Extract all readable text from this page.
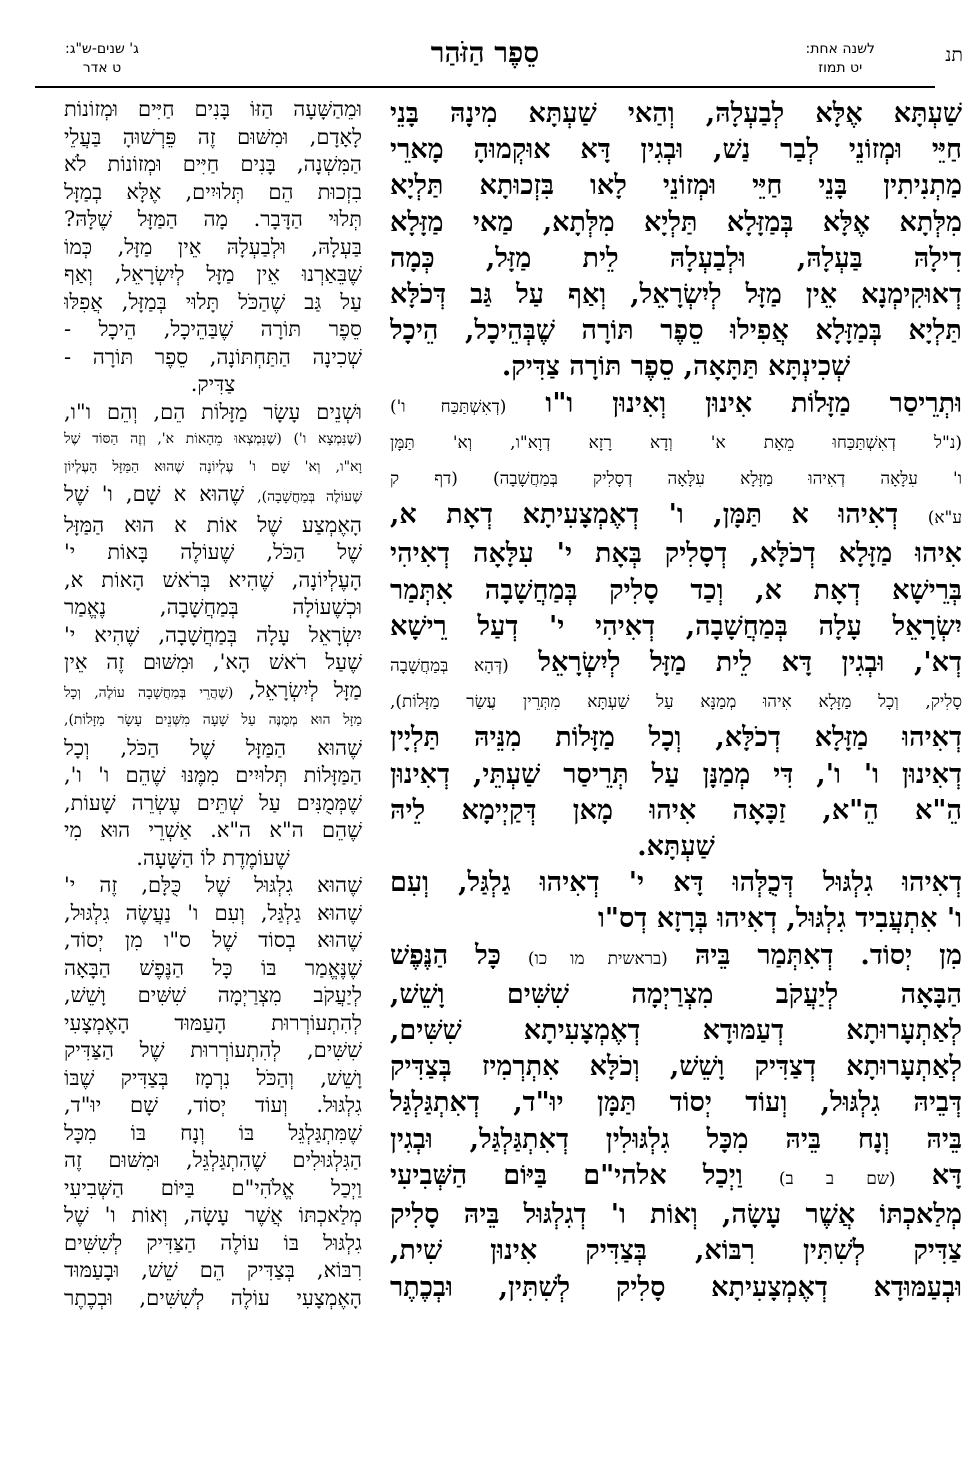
תנ
לשנה אחת:
יט תמוז
סֵפֶר הַזֹּהַר
ג' שנים-ש"ג:
ט אדר
שַׁעְתָּא אֶלָּא לְבַעְלָהּ, וְהַאי שַׁעְתָּא מִינָהּ בָּנֵי
חַיֵּי וּמְזוֹנֵי לְבַר נַשׁ, וּבְגִין דָּא אוּקְמוּהָ מָארֵי
מַתְנִיתִין בָּנֵי חַיֵּי וּמְזוֹנֵי לָאו בִּזְכוּתָא תַּלְיָא
מִלְּתָא אֶלָּא בְּמַזָּלָא תַּלְיָא מִלְּתָא, מַאי מַזָּלָא
דִילָהּ בַּעְלָהּ, וּלְבַעְלָהּ לֵית מַזָּל, כְּמָה
דְאוּקִימְנָא אֵין מַזָּל לְיִשְׂרָאֵל, וְאַף עַל גַּב דְּכֹלָּא
תַּלְיָא בְּמַזָּלָא אֲפִילוּ סֵפֶר תּוֹרָה שֶׁבְּהֵיכָל, הֵיכָל
שְׁכִינְתָּא תַּתָּאָה, סֵפֶר תּוֹרָה צַדִּיק.
וּתְרֵיסַר מַזָּלוֹת אִינוּן וְאִינוּן ו"ו (דְאִשְׁתַּכַּח ו')
(נ"ל דְאִשְׁתַּכַּחוּ מֵאָת א' וְדָא רָזָא דְוָא"ו, וְא' תַּמָּן
ו' עִלָּאָה דְאִיהוּ מַזָּלָא עִלָּאָה דְסָלִיק בְּמַחֲשָׁבָה) (דף ק
ע"א) דְאִיהוּ א תַּמָּן, ו' דְאֶמְצָעִיתָא דְאָת א,
אִיהוּ מַזָּלָא דְכֹלָּא, דְסָלִיק בְּאָת י' עִלָּאָה דְאִיהִי
בְּרֵישָׁא דְאָת א, וְכַד סָלִיק בְּמַחֲשָׁבָה אִתְּמַר
יִשְׂרָאֵל עָלָה בְּמַחֲשָׁבָה, דְאִיהִי י' דְעַל רֵישָׁא
דְא', וּבְגִין דָּא לֵית מַזָּל לְיִשְׂרָאֵל (דְּהָא בְּמַחֲשָׁבָה
סָלִיק, וְכָל מַזָּלָא אִיהוּ מְמַנָּא עַל שַׁעְתָּא מִתְּרֵין עֲשַׂר מַזָּלוֹת),
דְאִיהוּ מַזָּלָא דְכֹלָּא, וְכָל מַזָּלוֹת מִנֵּיהּ תַּלְיָין
דְאִינוּן ו' ו', דִּי מְמַנָּן עַל תְּרֵיסַר שַׁעְתֵּי, דְאִינוּן
הֵ"א הֵ"א, זַכָּאָה אִיהוּ מָאן דְּקַיְימָא לֵיהּ
שַׁעְתָּא.
דְאִיהוּ גִלְגּוּל דְּכֻלְּהוּ דָּא י' דְאִיהוּ גַלְגַּל, וְעִם
ו' אִתְעֲבִיד גִלְגּוּל, דְאִיהוּ בְּרָזָא דְס"ו
מִן יְסוֹד. דְאִתְּמַר בֵּיהּ (בראשית מו כו) כָּל הַנֶּפֶשׁ
הַבָּאָה לְיַעֲקֹב מִצְרַיְמָה שִׁשִּׁים וָשֵׁשׁ,
לְאַתְעָרוּתָא דְעַמּוּדָא דְאֶמְצָעִיתָא שִׁשִּׁים,
לְאַתְעָרוּתָא דְצַדִּיק וָשֵׁשׁ, וְכֹלָּא אִתְרְמִיז בְּצַדִּיק
דְּבֵיהּ גִלְגּוּל, וְעוֹד יְסוֹד תַּמָּן יוּ"ד, דְאִתְגַּלְגַּל
בֵּיהּ וְנָח בֵּיהּ מִכָּל גִלְגּוּלִין דְאִתְגַּלְגַּל, וּבְגִין
דָּא (שם ב ב) וַיְכַל אלהי"ם בַּיּוֹם הַשְּׁבִיעִי
מְלַאכְתּוֹ אֲשֶׁר עָשָׂה, וְאוֹת ו' דְגִלְגּוּל בֵּיהּ סָלִיק
צַדִּיק לְשִׁתִּין רִבּוֹא, בְּצַדִּיק אִינוּן שִׁית,
וּבְעַמּוּדָא דְאֶמְצָעִיתָא סָלִיק לְשִׁתִּין, וּבְכֶתֶר
וּמֵהַשָּׁעָה הַזּוֹ בָּנִים חַיִּים וּמְזוֹנוֹת
לָאָדָם, וּמִשּׁוּם זֶה פֵּרְשׁוּהָ בַּעֲלֵי
הַמִּשְׁנָה, בָּנִים חַיִּים וּמְזוֹנוֹת לֹא
בִזְכוּת הֵם תְּלוּיִים, אֶלָּא בְמַזָּל
תְּלוּי הַדָּבָר. מָה הַמַּזָּל שֶׁלָּהּ?
בַּעְלָהּ, וּלְבַעְלָהּ אֵין מַזָּל, כְּמוֹ
שֶׁבֵּאַרְנוּ אֵין מַזָּל לְיִשְׂרָאֵל, וְאַף
עַל גַּב שֶׁהַכֹּל תָּלוּי בְּמַזָּל, אֲפִלּוּ
סֵפֶר תּוֹרָה שֶׁבַּהֵיכָל, הֵיכָל -
שְׁכִינָה הַתַּחְתּוֹנָה, סֵפֶר תּוֹרָה -
צַדִּיק.
וּשְׁנֵים עָשָׂר מַזָּלוֹת הֵם, וְהֵם ו"ו,
(שֶׁנִּמְצָא ו') (שֶׁנִּמְצְאוּ מֵהָאוֹת א', וְזֶה הַסּוֹד שֶׁל
וָא"ו, וְא' שָׁם ו' עֶלְיוֹנָה שֶׁהוּא הַמַּזָּל הָעֶלְיוֹן
שֶׁעוֹלֶה בְּמַחֲשָׁבָה), שֶׁהוּא א שָׁם, ו' שֶׁל
הָאֶמְצַע שֶׁל אוֹת א הוּא הַמַּזָּל
שֶׁל הַכֹּל, שֶׁעוֹלֶה בָּאוֹת י'
הָעֶלְיוֹנָה, שֶׁהִיא בְּרֹאשׁ הָאוֹת א,
וּכְשֶׁעוֹלָה בְּמַחֲשָׁבָה, נֶאֱמַר
יִשְׂרָאֵל עָלָה בְּמַחֲשָׁבָה, שֶׁהִיא י'
שֶׁעַל רֹאשׁ הָא', וּמִשּׁוּם זֶה אֵין
מַזָּל לְיִשְׂרָאֵל, (שֶׁהֲרֵי בְּמַחֲשָׁבָה עוֹלֶה, וְכָל
מַזָּל הוּא מְמֻנֶּה עַל שָׁעָה מִשְּׁנֵים עָשָׂר מַזָּלוֹת),
שֶׁהוּא הַמַּזָּל שֶׁל הַכֹּל, וְכָל
הַמַּזָּלוֹת תְּלוּיִים מִמֶּנּוּ שֶׁהֵם ו' ו',
שֶׁמְּמֻנִּים עַל שְׁתֵּים עֶשְׂרֵה שָׁעוֹת,
שֶׁהֵם ה"א ה"א. אַשְׁרֵי הוּא מִי
שֶׁעוֹמֶדֶת לוֹ הַשָּׁעָה.
שֶׁהוּא גִלְגּוּל שֶׁל כֻּלָּם, זֶה י'
שֶׁהוּא גַלְגַּל, וְעִם ו' נַעֲשֶׂה גִלְגּוּל,
שֶׁהוּא בְסוֹד שֶׁל ס"ו מִן יְסוֹד,
שֶׁנֶּאֱמַר בּוֹ כָּל הַנֶּפֶשׁ הַבָּאָה
לְיַעֲקֹב מִצְרַיְמָה שִׁשִּׁים וָשֵׁשׁ,
לְהִתְעוֹרְרוּת הָעַמּוּד הָאֶמְצָעִי
שִׁשִּׁים, לְהִתְעוֹרְרוּת שֶׁל הַצַּדִּיק
וָשֵׁשׁ, וְהַכֹּל נִרְמָז בְּצַדִּיק שֶׁבּוֹ
גִלְגּוּל. וְעוֹד יְסוֹד, שָׁם יוּ"ד,
שֶׁמִּתְגַּלְגֵּל בּוֹ וְנָח בּוֹ מִכָּל
הַגִּלְגּוּלִים שֶׁהִתְגַּלְגֵּל, וּמִשּׁוּם זֶה
וַיְכַל אֱלֹהִי"ם בַּיּוֹם הַשְּׁבִיעִי
מְלַאכְתּוֹ אֲשֶׁר עָשָׂה, וְאוֹת ו' שֶׁל
גִלְגּוּל בּוֹ עוֹלֶה הַצַּדִּיק לְשִׁשִּׁים
רִבּוֹא, בְּצַדִּיק הֵם שֵׁשׁ, וּבָעַמּוּד
הָאֶמְצָעִי עוֹלֶה לְשִׁשִּׁים, וּבְכֶתֶר
